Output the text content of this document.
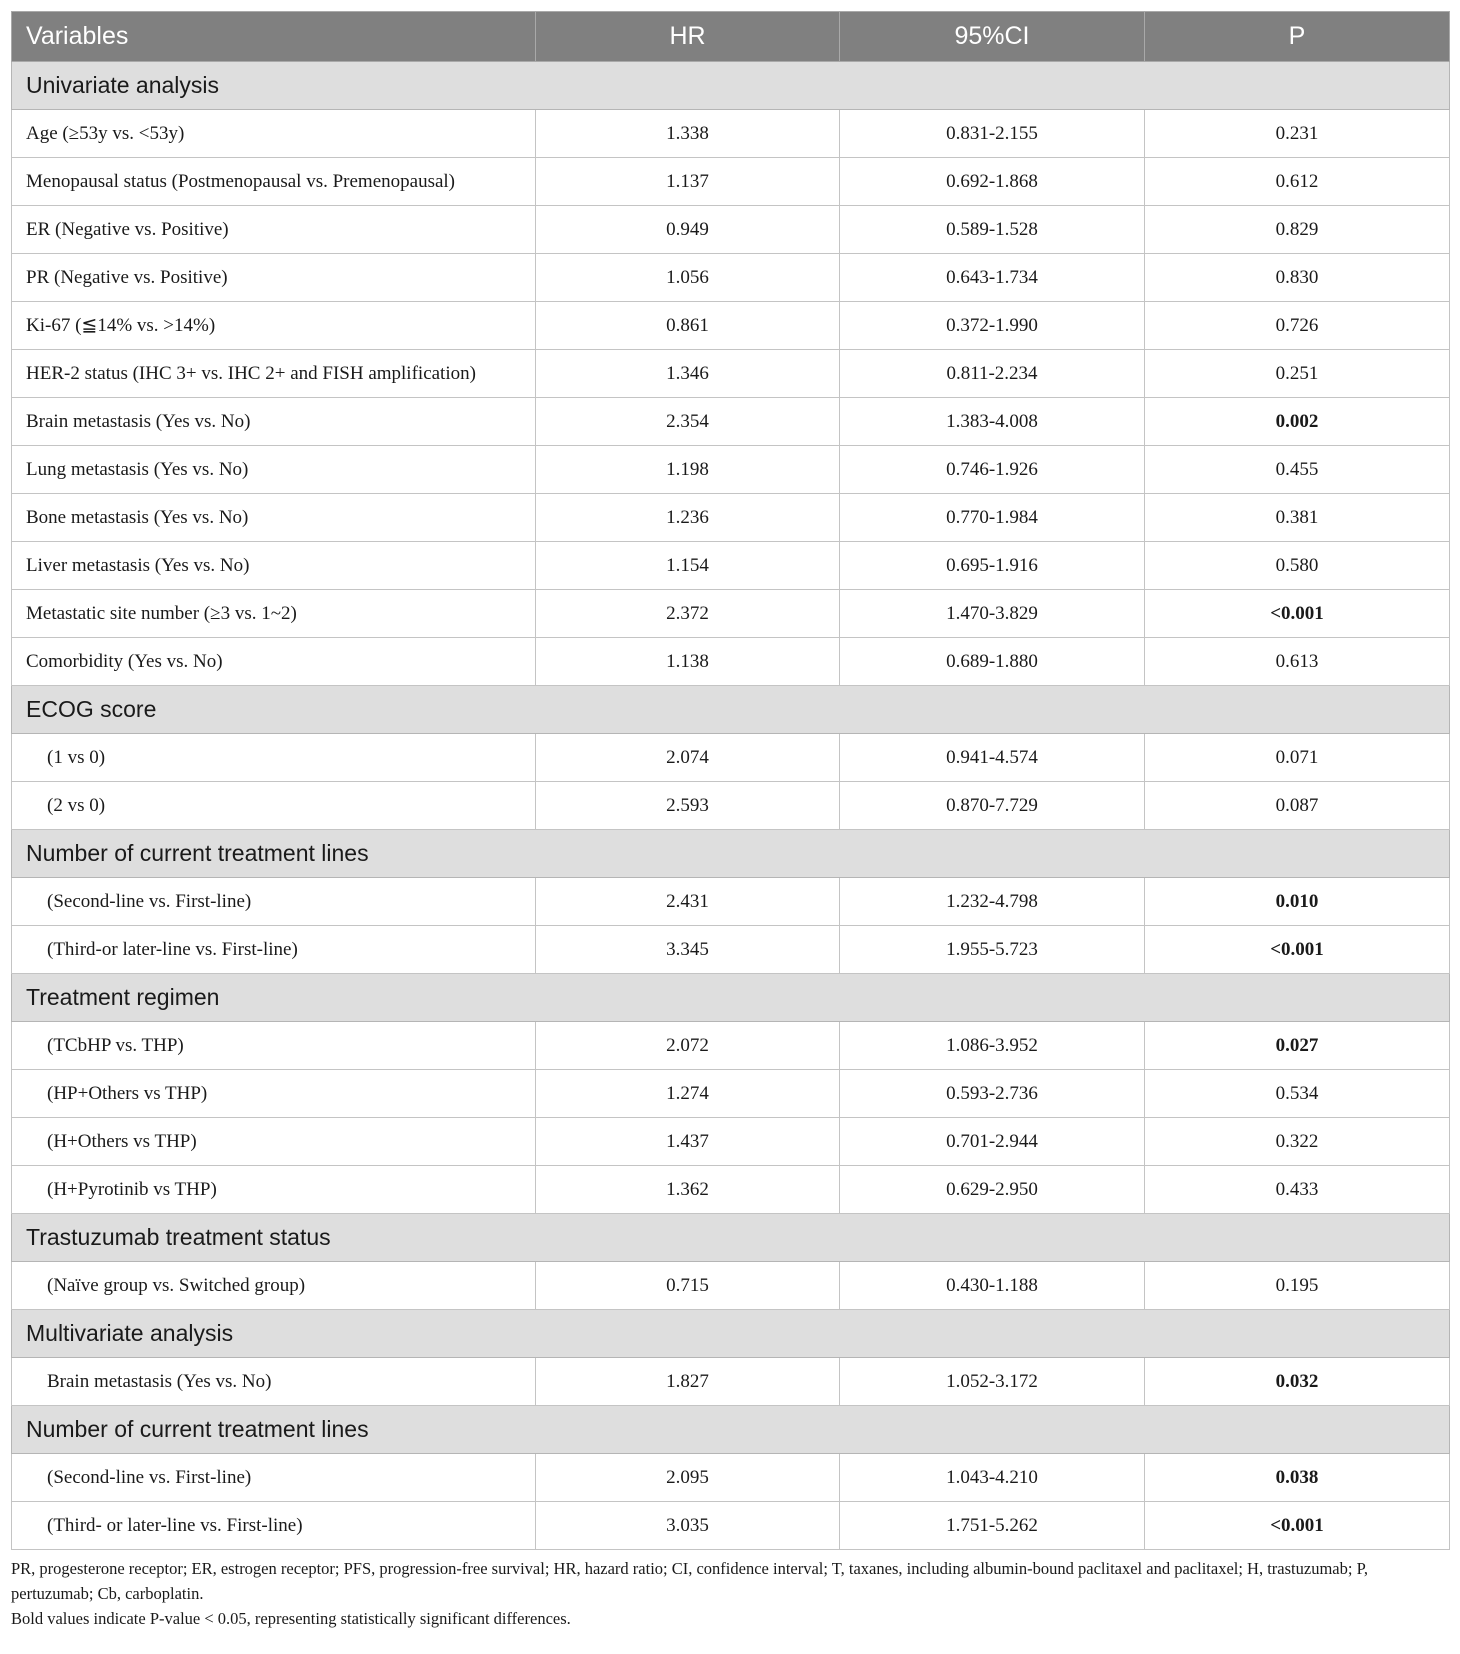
Variables	HR	95%CI	P
Univariate analysis			
Age (≥53y vs. <53y)	1.338	0.831-2.155	0.231
Menopausal status (Postmenopausal vs. Premenopausal)	1.137	0.692-1.868	0.612
ER (Negative vs. Positive)	0.949	0.589-1.528	0.829
PR (Negative vs. Positive)	1.056	0.643-1.734	0.830
Ki-67 (≦14% vs. >14%)	0.861	0.372-1.990	0.726
HER-2 status (IHC 3+ vs. IHC 2+ and FISH amplification)	1.346	0.811-2.234	0.251
Brain metastasis (Yes vs. No)	2.354	1.383-4.008	0.002
Lung metastasis (Yes vs. No)	1.198	0.746-1.926	0.455
Bone metastasis (Yes vs. No)	1.236	0.770-1.984	0.381
Liver metastasis (Yes vs. No)	1.154	0.695-1.916	0.580
Metastatic site number (≥3 vs. 1~2)	2.372	1.470-3.829	<0.001
Comorbidity (Yes vs. No)	1.138	0.689-1.880	0.613
ECOG score			
(1 vs 0)	2.074	0.941-4.574	0.071
(2 vs 0)	2.593	0.870-7.729	0.087
Number of current treatment lines			
(Second-line vs. First-line)	2.431	1.232-4.798	0.010
(Third-or later-line vs. First-line)	3.345	1.955-5.723	<0.001
Treatment regimen			
(TCbHP vs. THP)	2.072	1.086-3.952	0.027
(HP+Others vs THP)	1.274	0.593-2.736	0.534
(H+Others vs THP)	1.437	0.701-2.944	0.322
(H+Pyrotinib vs THP)	1.362	0.629-2.950	0.433
Trastuzumab treatment status			
(Naïve group vs. Switched group)	0.715	0.430-1.188	0.195
Multivariate analysis			
Brain metastasis (Yes vs. No)	1.827	1.052-3.172	0.032
Number of current treatment lines			
(Second-line vs. First-line)	2.095	1.043-4.210	0.038
(Third- or later-line vs. First-line)	3.035	1.751-5.262	<0.001

PR, progesterone receptor; ER, estrogen receptor; PFS, progression-free survival; HR, hazard ratio; CI, confidence interval; T, taxanes, including albumin-bound paclitaxel and paclitaxel; H, trastuzumab; P, pertuzumab; Cb, carboplatin.

Bold values indicate P-value < 0.05, representing statistically significant differences.
